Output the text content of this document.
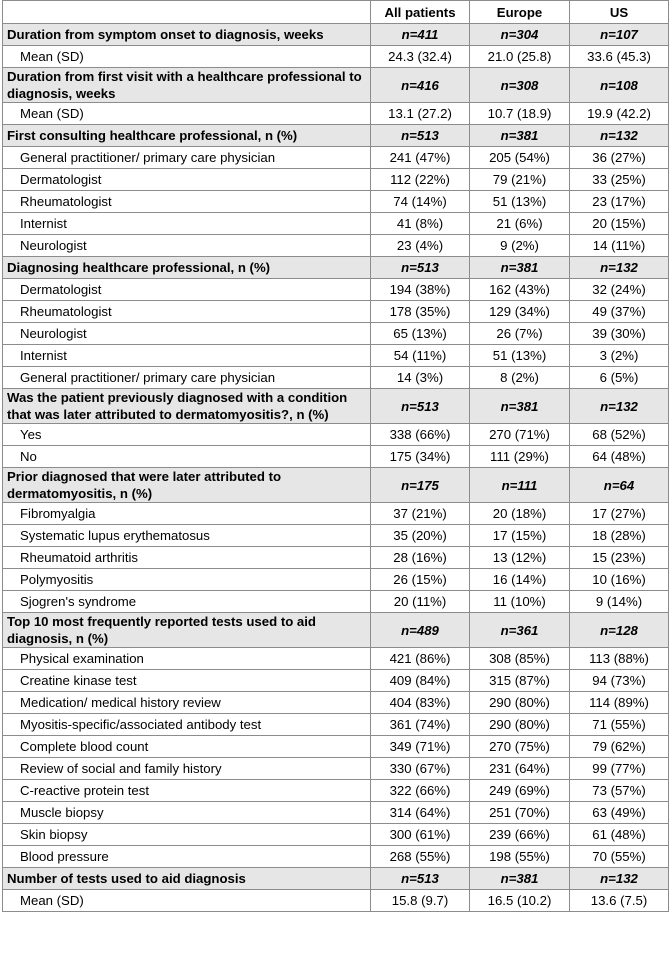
	All patients	Europe	US
Duration from symptom onset to diagnosis, weeks	n=411	n=304	n=107
Mean (SD)	24.3 (32.4)	21.0 (25.8)	33.6 (45.3)
Duration from first visit with a healthcare professional to diagnosis, weeks	n=416	n=308	n=108
Mean (SD)	13.1 (27.2)	10.7 (18.9)	19.9 (42.2)
First consulting healthcare professional, n (%)	n=513	n=381	n=132
General practitioner/ primary care physician	241 (47%)	205 (54%)	36 (27%)
Dermatologist	112 (22%)	79 (21%)	33 (25%)
Rheumatologist	74 (14%)	51 (13%)	23 (17%)
Internist	41 (8%)	21 (6%)	20 (15%)
Neurologist	23 (4%)	9 (2%)	14 (11%)
Diagnosing healthcare professional, n (%)	n=513	n=381	n=132
Dermatologist	194 (38%)	162 (43%)	32 (24%)
Rheumatologist	178 (35%)	129 (34%)	49 (37%)
Neurologist	65 (13%)	26 (7%)	39 (30%)
Internist	54 (11%)	51 (13%)	3 (2%)
General practitioner/ primary care physician	14 (3%)	8 (2%)	6 (5%)
Was the patient previously diagnosed with a condition that was later attributed to dermatomyositis?, n (%)	n=513	n=381	n=132
Yes	338 (66%)	270 (71%)	68 (52%)
No	175 (34%)	111 (29%)	64 (48%)
Prior diagnosed that were later attributed to dermatomyositis, n (%)	n=175	n=111	n=64
Fibromyalgia	37 (21%)	20 (18%)	17 (27%)
Systematic lupus erythematosus	35 (20%)	17 (15%)	18 (28%)
Rheumatoid arthritis	28 (16%)	13 (12%)	15 (23%)
Polymyositis	26 (15%)	16 (14%)	10 (16%)
Sjogren's syndrome	20 (11%)	11 (10%)	9 (14%)
Top 10 most frequently reported tests used to aid diagnosis, n (%)	n=489	n=361	n=128
Physical examination	421 (86%)	308 (85%)	113 (88%)
Creatine kinase test	409 (84%)	315 (87%)	94 (73%)
Medication/ medical history review	404 (83%)	290 (80%)	114 (89%)
Myositis-specific/associated antibody test	361 (74%)	290 (80%)	71 (55%)
Complete blood count	349 (71%)	270 (75%)	79 (62%)
Review of social and family history	330 (67%)	231 (64%)	99 (77%)
C-reactive protein test	322 (66%)	249 (69%)	73 (57%)
Muscle biopsy	314 (64%)	251 (70%)	63 (49%)
Skin biopsy	300 (61%)	239 (66%)	61 (48%)
Blood pressure	268 (55%)	198 (55%)	70 (55%)
Number of tests used to aid diagnosis	n=513	n=381	n=132
Mean (SD)	15.8 (9.7)	16.5 (10.2)	13.6 (7.5)
